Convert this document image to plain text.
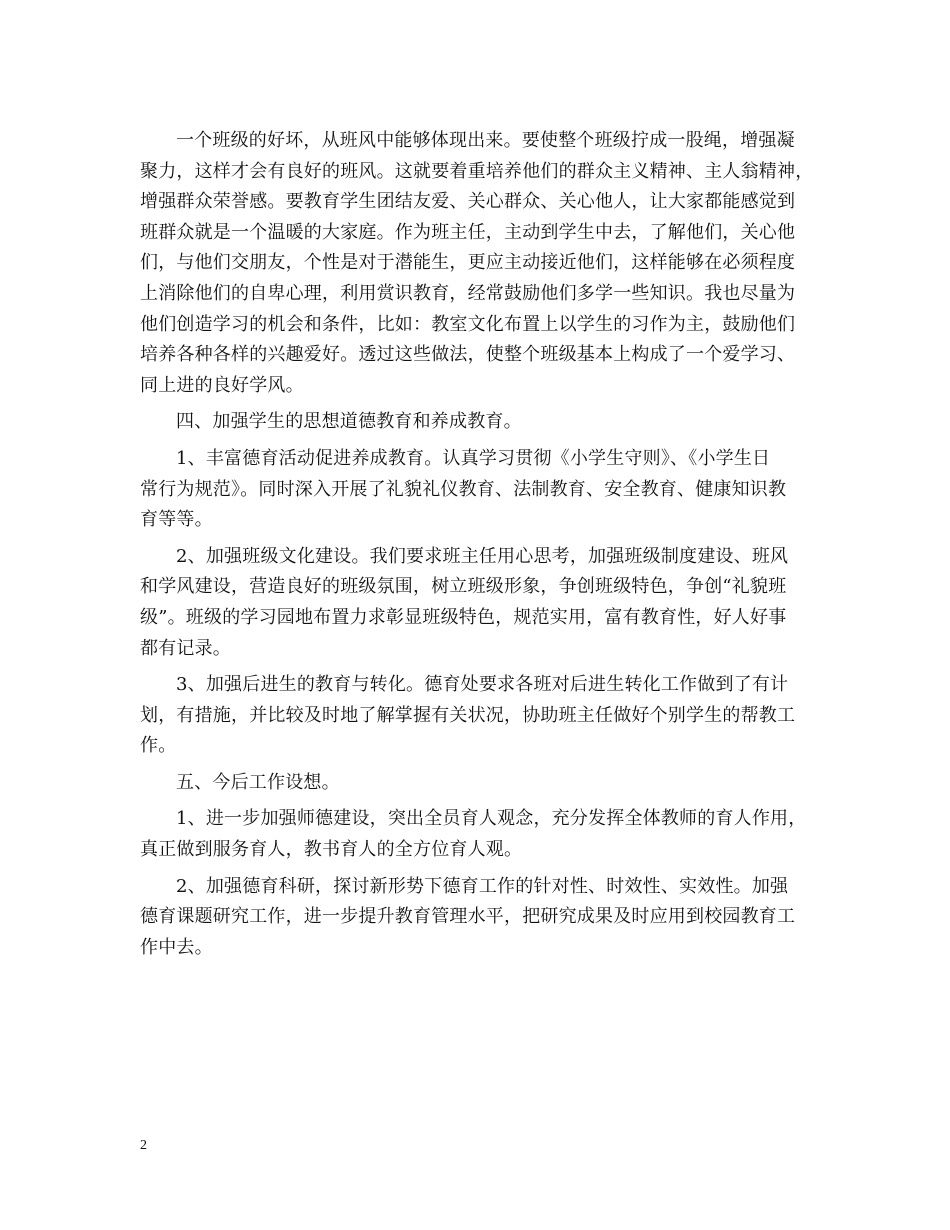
一个班级的好坏，从班风中能够体现出来。要使整个班级拧成一股绳，增强凝
聚力，这样才会有良好的班风。这就要着重培养他们的群众主义精神、主人翁精神，
增强群众荣誉感。要教育学生团结友爱、关心群众、关心他人，让大家都能感觉到
班群众就是一个温暖的大家庭。作为班主任，主动到学生中去，了解他们，关心他
们，与他们交朋友，个性是对于潜能生，更应主动接近他们，这样能够在必须程度
上消除他们的自卑心理，利用赏识教育，经常鼓励他们多学一些知识。我也尽量为
他们创造学习的机会和条件，比如：教室文化布置上以学生的习作为主，鼓励他们
培养各种各样的兴趣爱好。透过这些做法，使整个班级基本上构成了一个爱学习、
同上进的良好学风。

四、加强学生的思想道德教育和养成教育。

1、丰富德育活动促进养成教育。认真学习贯彻《小学生守则》、《小学生日
常行为规范》。同时深入开展了礼貌礼仪教育、法制教育、安全教育、健康知识教
育等等。

2、加强班级文化建设。我们要求班主任用心思考，加强班级制度建设、班风
和学风建设，营造良好的班级氛围，树立班级形象，争创班级特色，争创“礼貌班
级”。班级的学习园地布置力求彰显班级特色，规范实用，富有教育性，好人好事
都有记录。

3、加强后进生的教育与转化。德育处要求各班对后进生转化工作做到了有计
划，有措施，并比较及时地了解掌握有关状况，协助班主任做好个别学生的帮教工
作。

五、今后工作设想。

1、进一步加强师德建设，突出全员育人观念，充分发挥全体教师的育人作用，
真正做到服务育人，教书育人的全方位育人观。

2、加强德育科研，探讨新形势下德育工作的针对性、时效性、实效性。加强
德育课题研究工作，进一步提升教育管理水平，把研究成果及时应用到校园教育工
作中去。

2
